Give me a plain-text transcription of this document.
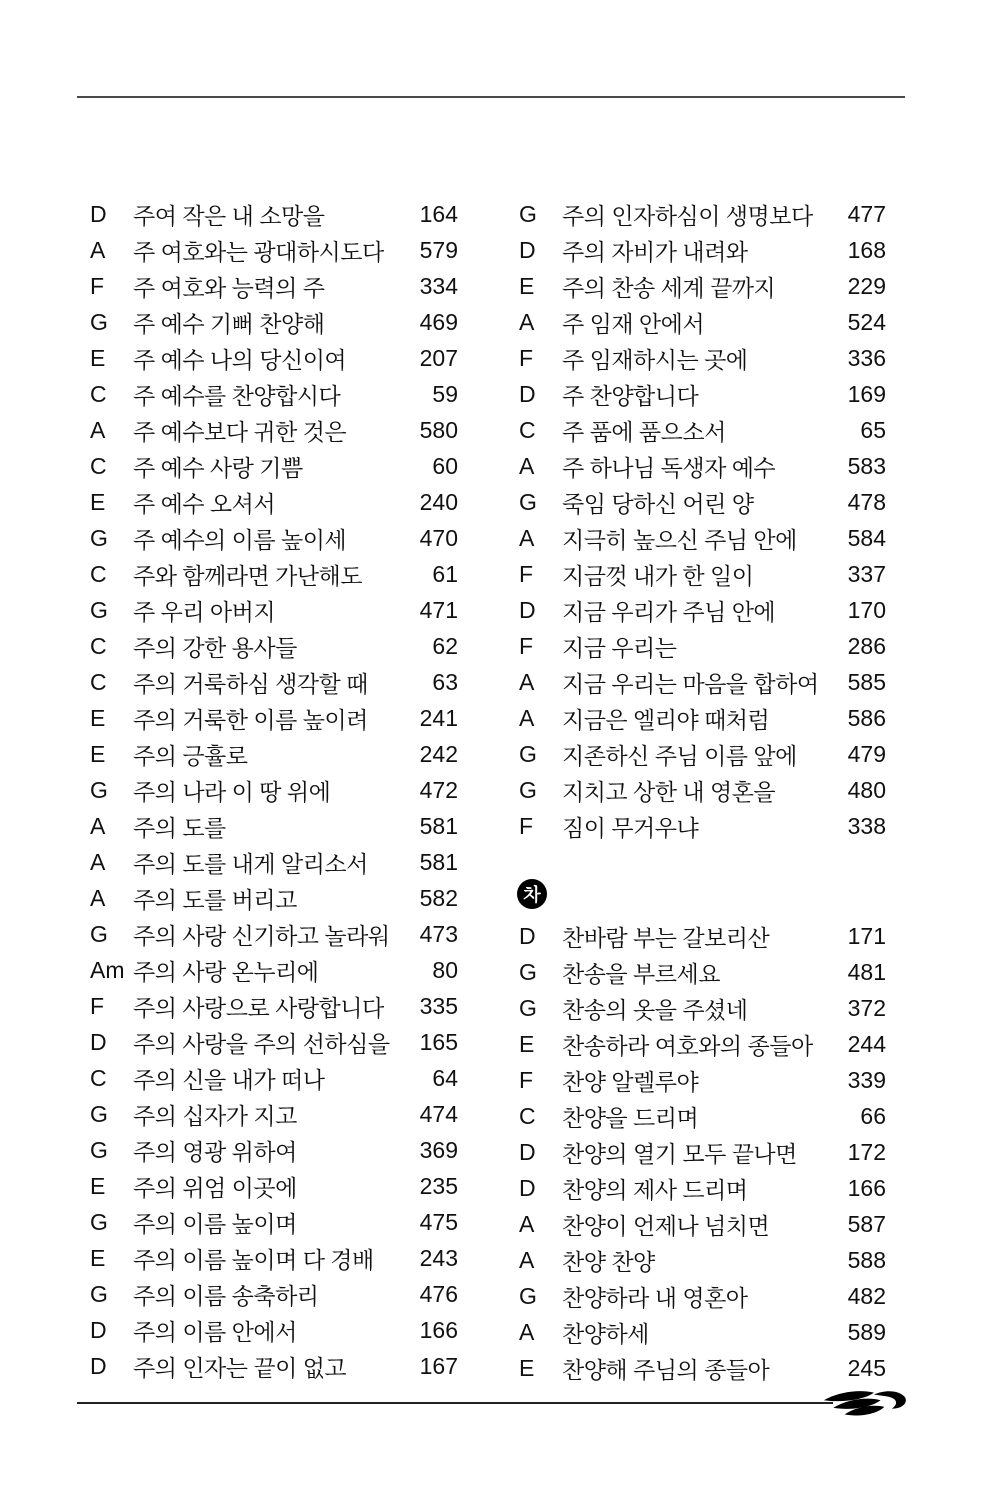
D	주여 작은 내 소망을	164
A	주 여호와는 광대하시도다	579
F	주 여호와 능력의 주	334
G	주 예수 기뻐 찬양해	469
E	주 예수 나의 당신이여	207
C	주 예수를 찬양합시다	59
A	주 예수보다 귀한 것은	580
C	주 예수 사랑 기쁨	60
E	주 예수 오셔서	240
G	주 예수의 이름 높이세	470
C	주와 함께라면 가난해도	61
G	주 우리 아버지	471
C	주의 강한 용사들	62
C	주의 거룩하심 생각할 때	63
E	주의 거룩한 이름 높이려	241
E	주의 긍휼로	242
G	주의 나라 이 땅 위에	472
A	주의 도를	581
A	주의 도를 내게 알리소서	581
A	주의 도를 버리고	582
G	주의 사랑 신기하고 놀라워	473
Am 주의 사랑 온누리에	80
F	주의 사랑으로 사랑합니다	335
D	주의 사랑을 주의 선하심을	165
C	주의 신을 내가 떠나	64
G	주의 십자가 지고	474
G	주의 영광 위하여	369
E	주의 위엄 이곳에	235
G	주의 이름 높이며	475
E	주의 이름 높이며 다 경배	243
G	주의 이름 송축하리	476
D	주의 이름 안에서	166
D	주의 인자는 끝이 없고	167
G	주의 인자하심이 생명보다	477
D	주의 자비가 내려와	168
E	주의 찬송 세계 끝까지	229
A	주 임재 안에서	524
F	주 임재하시는 곳에	336
D	주 찬양합니다	169
C	주 품에 품으소서	65
A	주 하나님 독생자 예수	583
G	죽임 당하신 어린 양	478
A	지극히 높으신 주님 안에	584
F	지금껏 내가 한 일이	337
D	지금 우리가 주님 안에	170
F	지금 우리는	286
A	지금 우리는 마음을 합하여	585
A	지금은 엘리야 때처럼	586
G	지존하신 주님 이름 앞에	479
G	지치고 상한 내 영혼을	480
F	짐이 무거우냐	338
차
D	찬바람 부는 갈보리산	171
G	찬송을 부르세요	481
G	찬송의 옷을 주셨네	372
E	찬송하라 여호와의 종들아	244
F	찬양 알렐루야	339
C	찬양을 드리며	66
D	찬양의 열기 모두 끝나면	172
D	찬양의 제사 드리며	166
A	찬양이 언제나 넘치면	587
A	찬양 찬양	588
G	찬양하라 내 영혼아	482
A	찬양하세	589
E	찬양해 주님의 종들아	245
